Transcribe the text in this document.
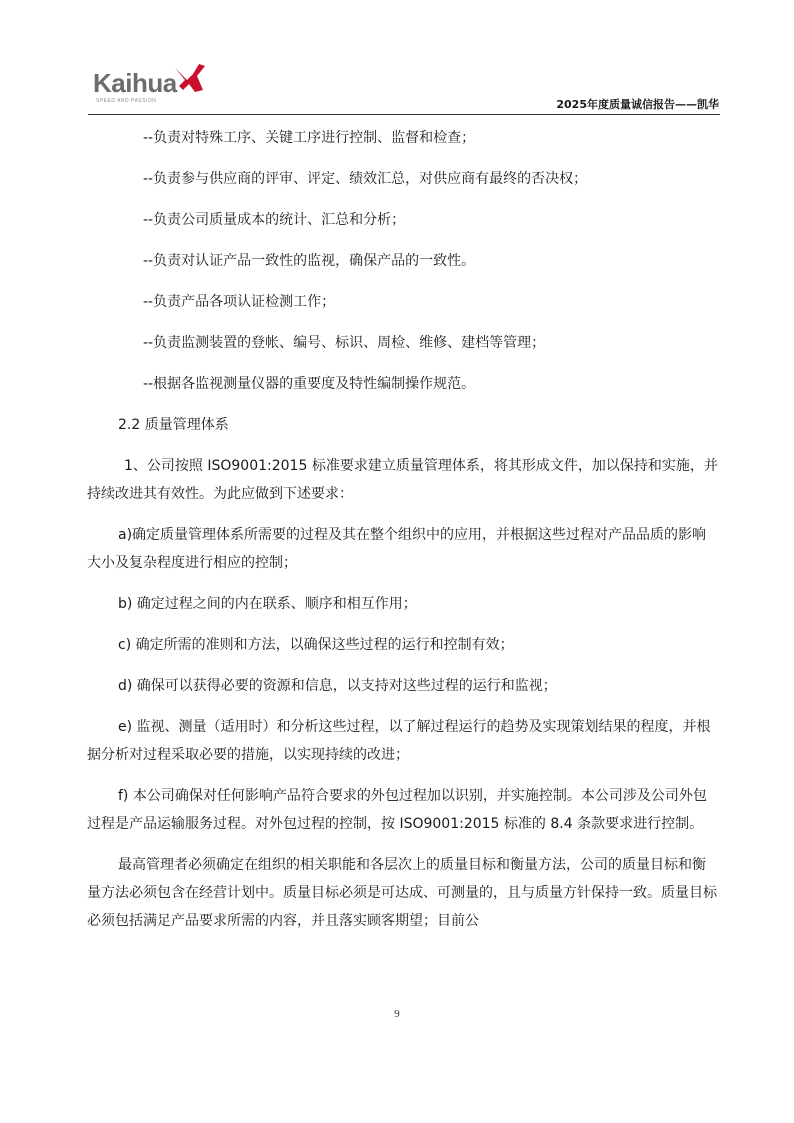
Kaihua
SPEED AND PASSION	2025年度质量诚信报告——凯华

--负责对特殊工序、关键工序进行控制、监督和检查；

--负责参与供应商的评审、评定、绩效汇总，对供应商有最终的否决权；

--负责公司质量成本的统计、汇总和分析；

--负责对认证产品一致性的监视，确保产品的一致性。

--负责产品各项认证检测工作；

--负责监测装置的登帐、编号、标识、周检、维修、建档等管理；

--根据各监视测量仪器的重要度及特性编制操作规范。

2.2 质量管理体系

1、公司按照 ISO9001:2015 标准要求建立质量管理体系，将其形成文件，加以保持和实施，并持续改进其有效性。为此应做到下述要求：

a)确定质量管理体系所需要的过程及其在整个组织中的应用，并根据这些过程对产品品质的影响大小及复杂程度进行相应的控制；

b) 确定过程之间的内在联系、顺序和相互作用；

c) 确定所需的准则和方法，以确保这些过程的运行和控制有效；

d) 确保可以获得必要的资源和信息，以支持对这些过程的运行和监视；

e) 监视、测量（适用时）和分析这些过程，以了解过程运行的趋势及实现策划结果的程度，并根据分析对过程采取必要的措施，以实现持续的改进；

f) 本公司确保对任何影响产品符合要求的外包过程加以识别，并实施控制。本公司涉及公司外包过程是产品运输服务过程。对外包过程的控制，按 ISO9001:2015 标准的 8.4 条款要求进行控制。

最高管理者必须确定在组织的相关职能和各层次上的质量目标和衡量方法，公司的质量目标和衡量方法必须包含在经营计划中。质量目标必须是可达成、可测量的，且与质量方针保持一致。质量目标必须包括满足产品要求所需的内容，并且落实顾客期望；目前公

9
